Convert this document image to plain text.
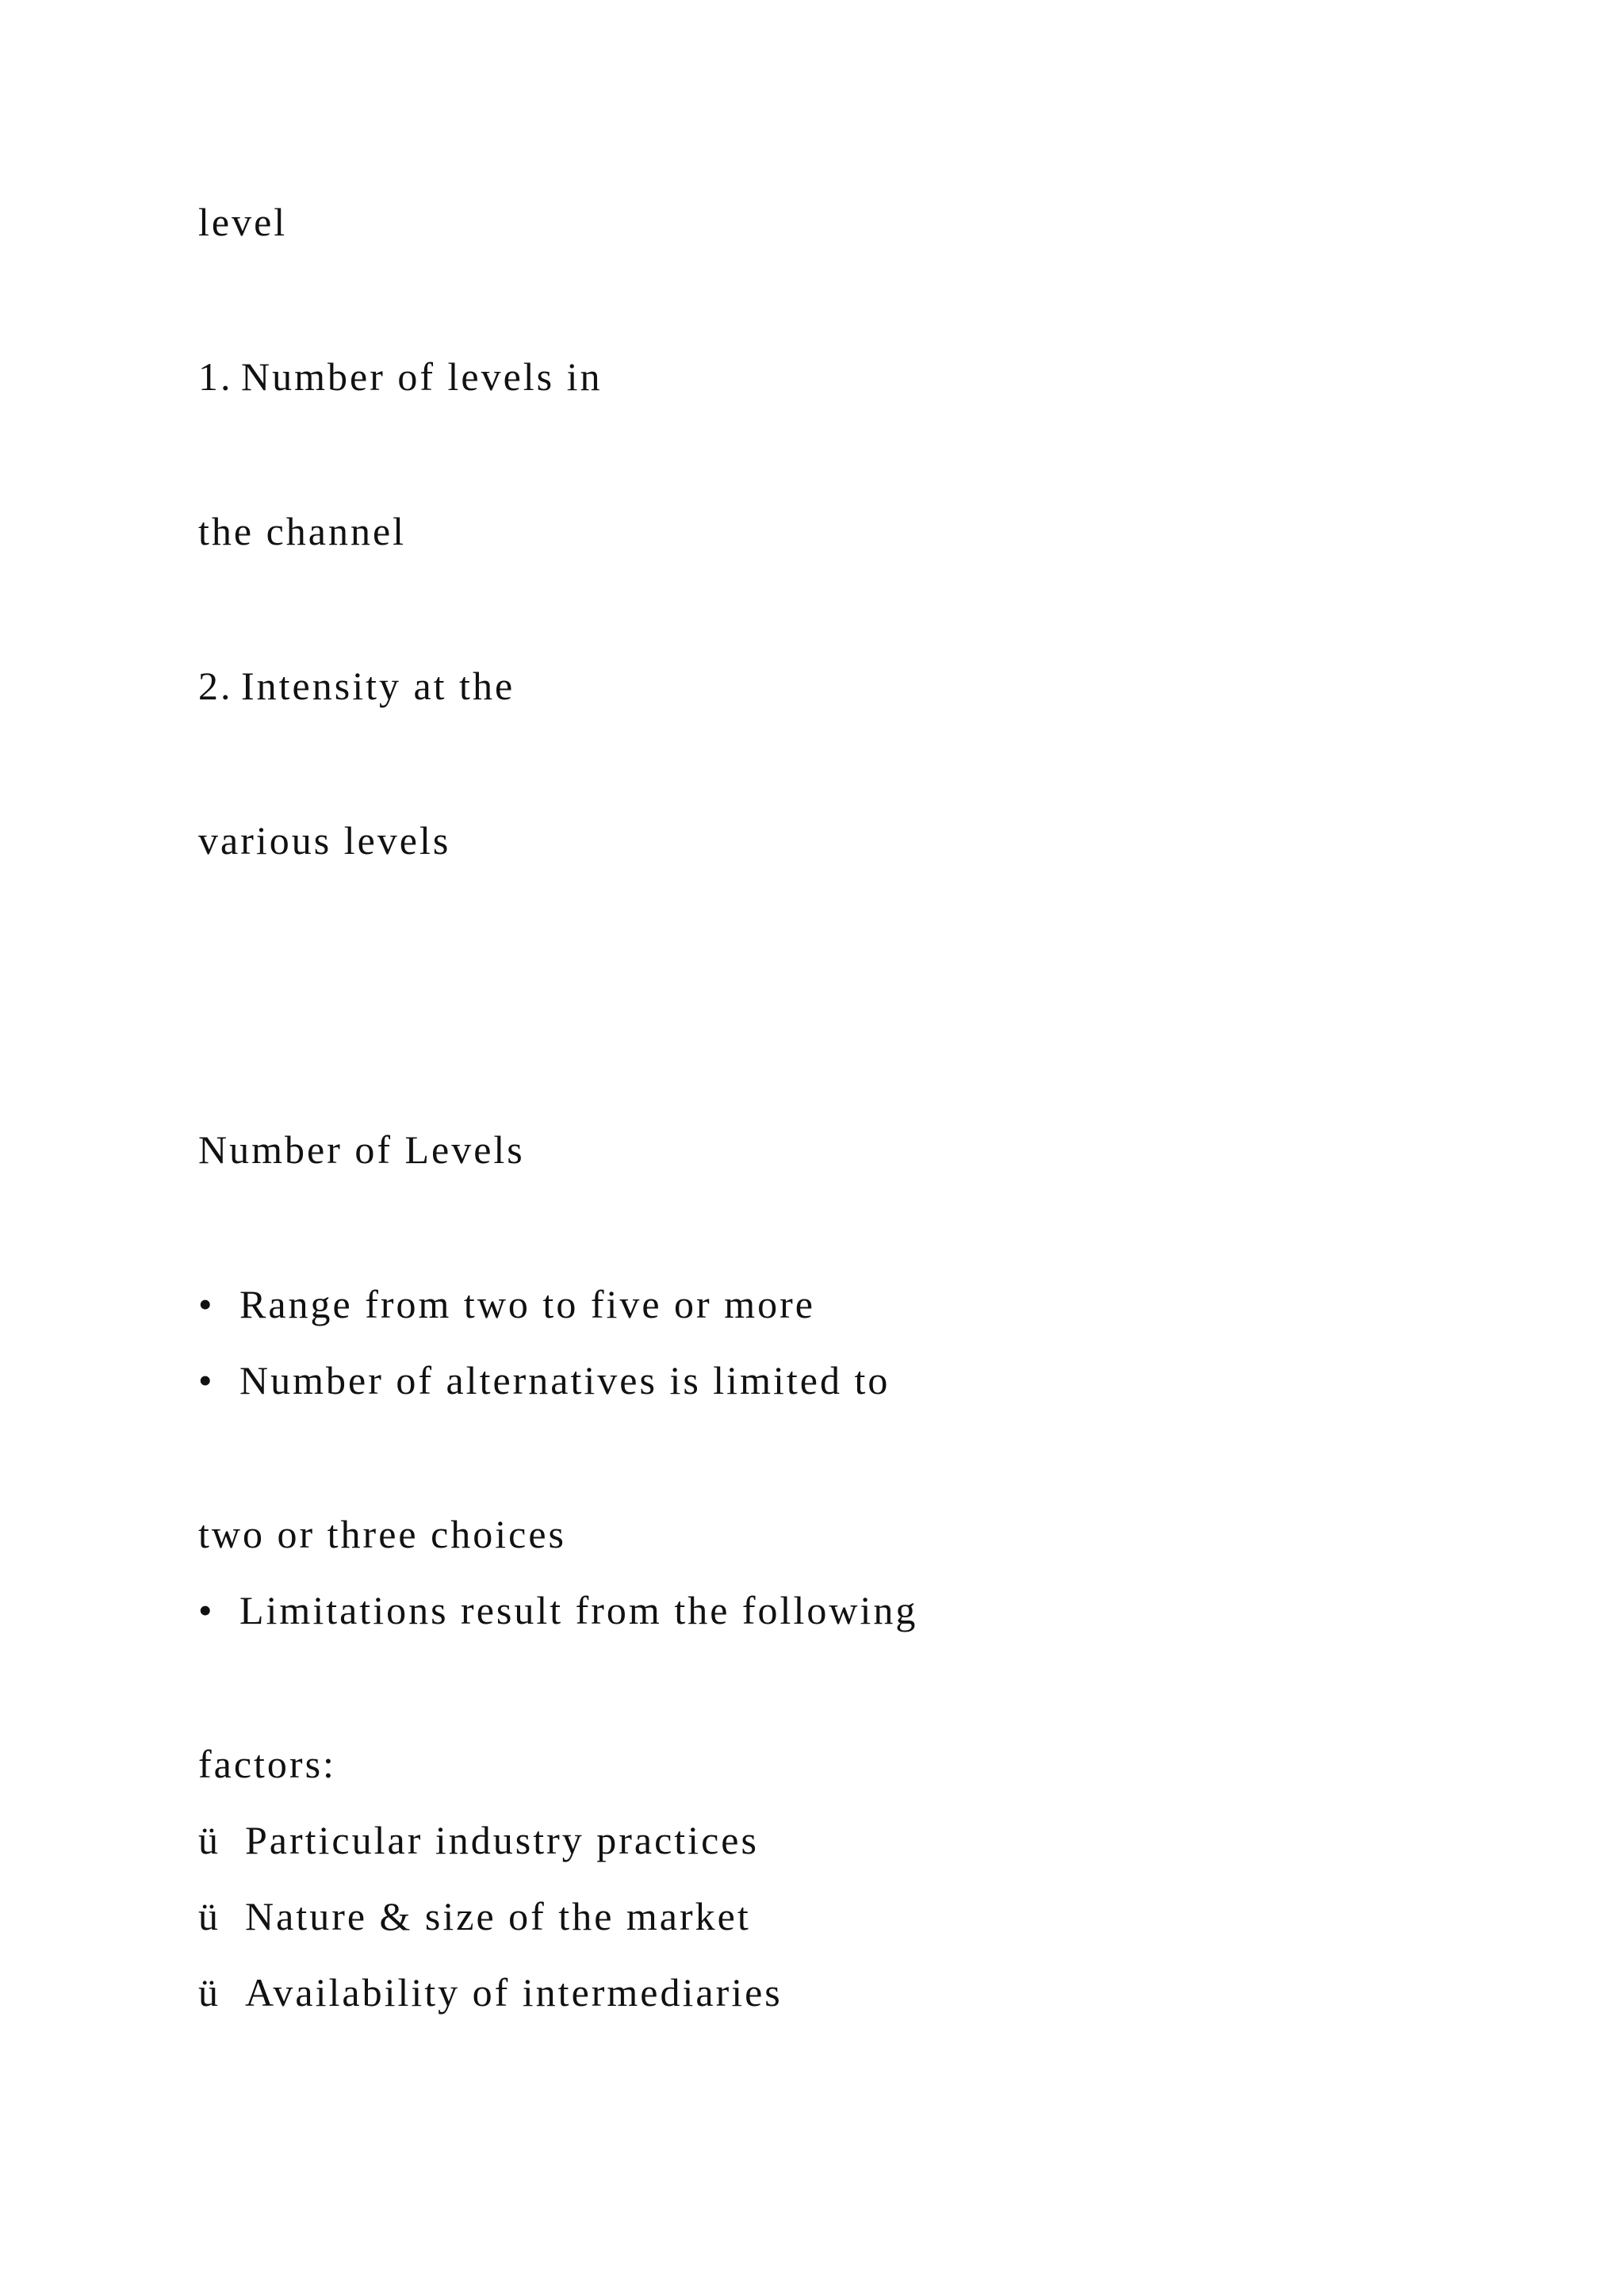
level

1. Number of levels in

the channel

2. Intensity at the

various levels

Number of Levels

• Range from two to five or more

• Number of alternatives is limited to

two or three choices

• Limitations result from the following

factors:

ü Particular industry practices

ü Nature & size of the market

ü Availability of intermediaries
